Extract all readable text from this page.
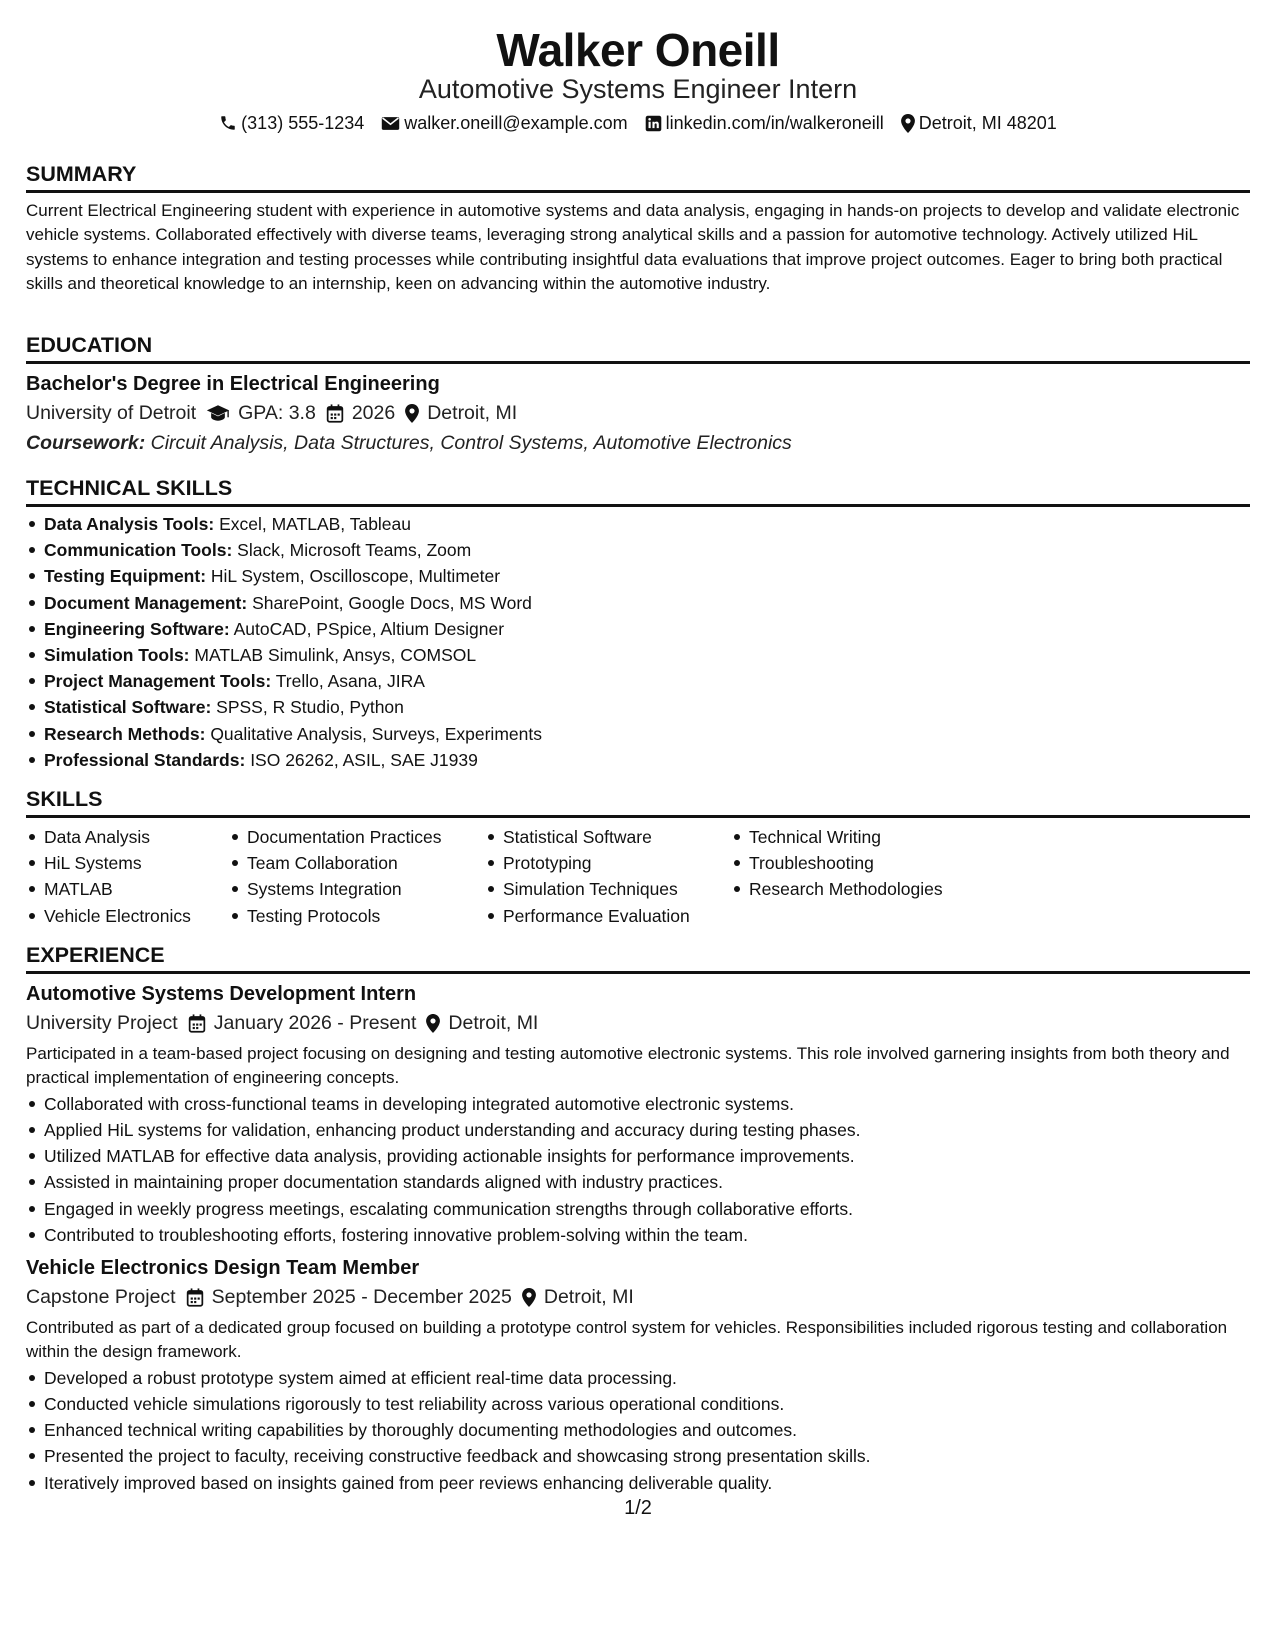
Walker Oneill
Automotive Systems Engineer Intern
(313) 555-1234 walker.oneill@example.com linkedin.com/in/walkeroneill Detroit, MI 48201
SUMMARY
Current Electrical Engineering student with experience in automotive systems and data analysis, engaging in hands-on projects to develop and validate electronic vehicle systems. Collaborated effectively with diverse teams, leveraging strong analytical skills and a passion for automotive technology. Actively utilized HiL systems to enhance integration and testing processes while contributing insightful data evaluations that improve project outcomes. Eager to bring both practical skills and theoretical knowledge to an internship, keen on advancing within the automotive industry.
EDUCATION
Bachelor's Degree in Electrical Engineering
University of Detroit GPA: 3.8 2026 Detroit, MI
Coursework: Circuit Analysis, Data Structures, Control Systems, Automotive Electronics
TECHNICAL SKILLS
Data Analysis Tools: Excel, MATLAB, Tableau
Communication Tools: Slack, Microsoft Teams, Zoom
Testing Equipment: HiL System, Oscilloscope, Multimeter
Document Management: SharePoint, Google Docs, MS Word
Engineering Software: AutoCAD, PSpice, Altium Designer
Simulation Tools: MATLAB Simulink, Ansys, COMSOL
Project Management Tools: Trello, Asana, JIRA
Statistical Software: SPSS, R Studio, Python
Research Methods: Qualitative Analysis, Surveys, Experiments
Professional Standards: ISO 26262, ASIL, SAE J1939
SKILLS
Data Analysis
HiL Systems
MATLAB
Vehicle Electronics
Documentation Practices
Team Collaboration
Systems Integration
Testing Protocols
Statistical Software
Prototyping
Simulation Techniques
Performance Evaluation
Technical Writing
Troubleshooting
Research Methodologies
EXPERIENCE
Automotive Systems Development Intern
University Project January 2026 - Present Detroit, MI
Participated in a team-based project focusing on designing and testing automotive electronic systems. This role involved garnering insights from both theory and practical implementation of engineering concepts.
Collaborated with cross-functional teams in developing integrated automotive electronic systems.
Applied HiL systems for validation, enhancing product understanding and accuracy during testing phases.
Utilized MATLAB for effective data analysis, providing actionable insights for performance improvements.
Assisted in maintaining proper documentation standards aligned with industry practices.
Engaged in weekly progress meetings, escalating communication strengths through collaborative efforts.
Contributed to troubleshooting efforts, fostering innovative problem-solving within the team.
Vehicle Electronics Design Team Member
Capstone Project September 2025 - December 2025 Detroit, MI
Contributed as part of a dedicated group focused on building a prototype control system for vehicles. Responsibilities included rigorous testing and collaboration within the design framework.
Developed a robust prototype system aimed at efficient real-time data processing.
Conducted vehicle simulations rigorously to test reliability across various operational conditions.
Enhanced technical writing capabilities by thoroughly documenting methodologies and outcomes.
Presented the project to faculty, receiving constructive feedback and showcasing strong presentation skills.
Iteratively improved based on insights gained from peer reviews enhancing deliverable quality.
1/2
